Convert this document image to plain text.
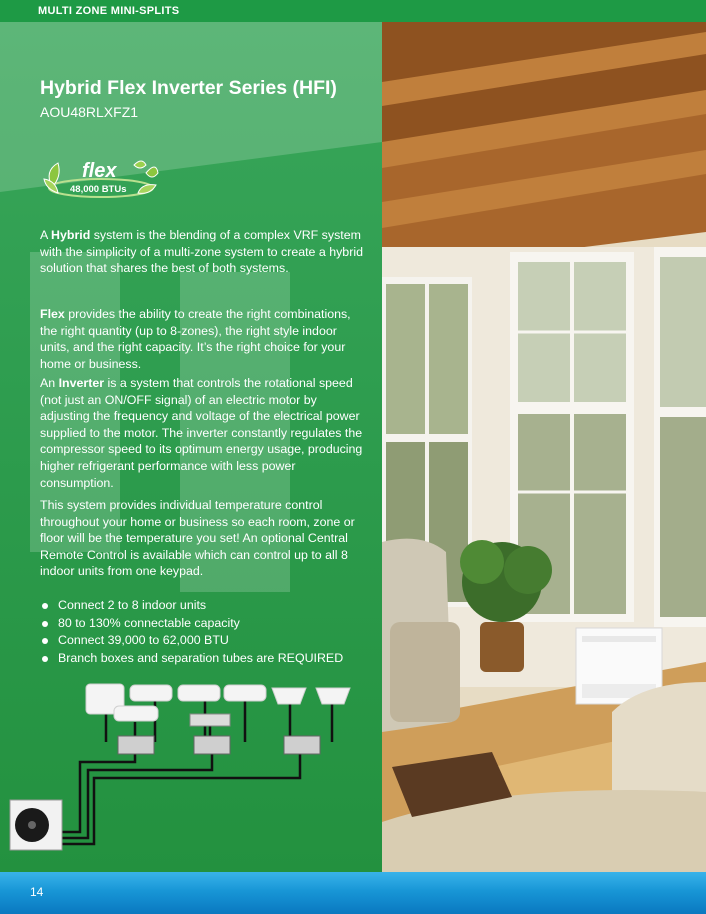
MULTI ZONE MINI-SPLITS
Hybrid Flex Inverter Series (HFI)
AOU48RLXFZ1
flex
48,000 BTUs

A Hybrid system is the blending of a complex VRF system with the simplicity of a multi-zone system to create a hybrid solution that shares the best of both systems.

Flex provides the ability to create the right combinations, the right quantity (up to 8-zones), the right style indoor units, and the right capacity. It’s the right choice for your home or business.

An Inverter is a system that controls the rotational speed (not just an ON/OFF signal) of an electric motor by adjusting the frequency and voltage of the electrical power supplied to the motor. The inverter constantly regulates the compressor speed to its optimum energy usage, producing higher refrigerant performance with less power consumption.

This system provides individual temperature control throughout your home or business so each room, zone or floor will be the temperature you set! An optional Central Remote Control is available which can control up to all 8 indoor units from one keypad.

Connect 2 to 8 indoor units
80 to 130% connectable capacity
Connect 39,000 to 62,000 BTU
Branch boxes and separation tubes are REQUIRED
14
